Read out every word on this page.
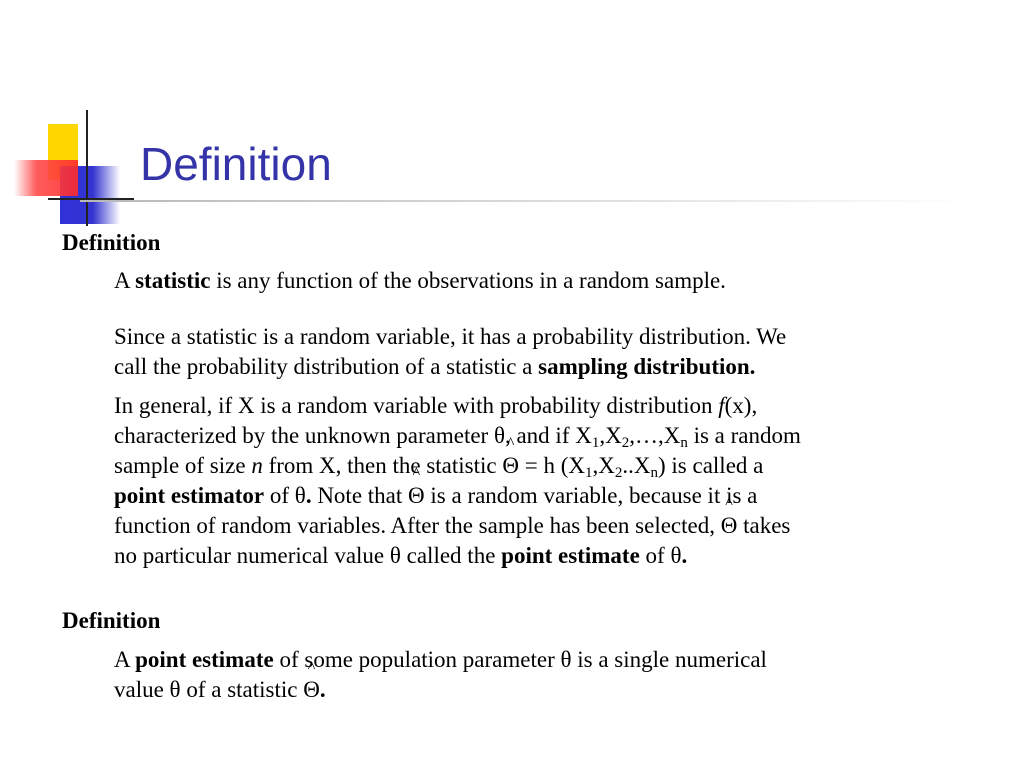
Definition
Definition
A statistic is any function of the observations in a random sample.
Since a statistic is a random variable, it has a probability distribution. We
call the probability distribution of a statistic a sampling distribution.
In general, if X is a random variable with probability distribution f(x),
characterized by the unknown parameter θ, and if $X_1,X_2,\dots,X_n$ is a random
sample of size n from X, then the statistic ^ Θ = h $(X_1,X_2..X_n)$ is called a
point estimator of θ. Note that ^ Θ is a random variable, because it is a
function of random variables. After the sample has been selected, ^ Θ takes
no particular numerical value θ called the point estimate of θ.
Definition
A point estimate of some population parameter θ is a single numerical
value θ of a statistic ^ Θ.
